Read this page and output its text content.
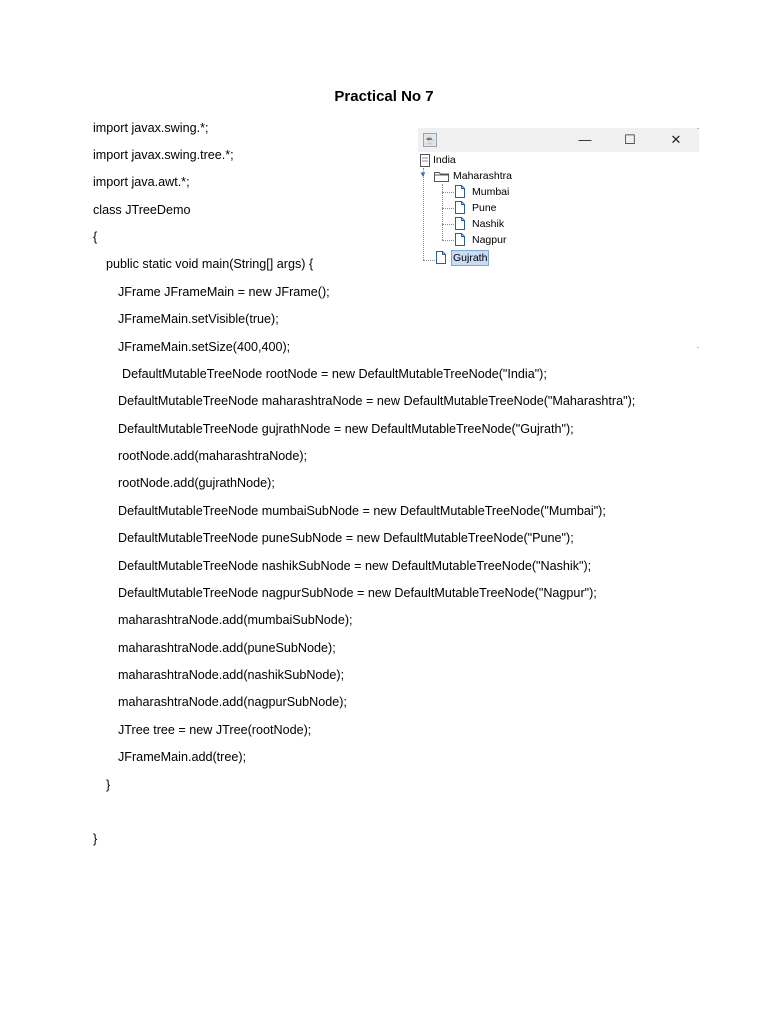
Practical No 7
import javax.swing.*;
import javax.swing.tree.*;
import java.awt.*;
class JTreeDemo
{
public static void main(String[] args) {
JFrame JFrameMain = new JFrame();
JFrameMain.setVisible(true);
JFrameMain.setSize(400,400);
DefaultMutableTreeNode rootNode = new DefaultMutableTreeNode("India");
DefaultMutableTreeNode maharashtraNode = new DefaultMutableTreeNode("Maharashtra");
DefaultMutableTreeNode gujrathNode = new DefaultMutableTreeNode("Gujrath");
rootNode.add(maharashtraNode);
rootNode.add(gujrathNode);
DefaultMutableTreeNode mumbaiSubNode = new DefaultMutableTreeNode("Mumbai");
DefaultMutableTreeNode puneSubNode = new DefaultMutableTreeNode("Pune");
DefaultMutableTreeNode nashikSubNode = new DefaultMutableTreeNode("Nashik");
DefaultMutableTreeNode nagpurSubNode = new DefaultMutableTreeNode("Nagpur");
maharashtraNode.add(mumbaiSubNode);
maharashtraNode.add(puneSubNode);
maharashtraNode.add(nashikSubNode);
maharashtraNode.add(nagpurSubNode);
JTree tree = new JTree(rootNode);
JFrameMain.add(tree);
}
}
☕	—	☐	✕
India
▼ Maharashtra
Mumbai
Pune
Nashik
Nagpur
Gujrath
